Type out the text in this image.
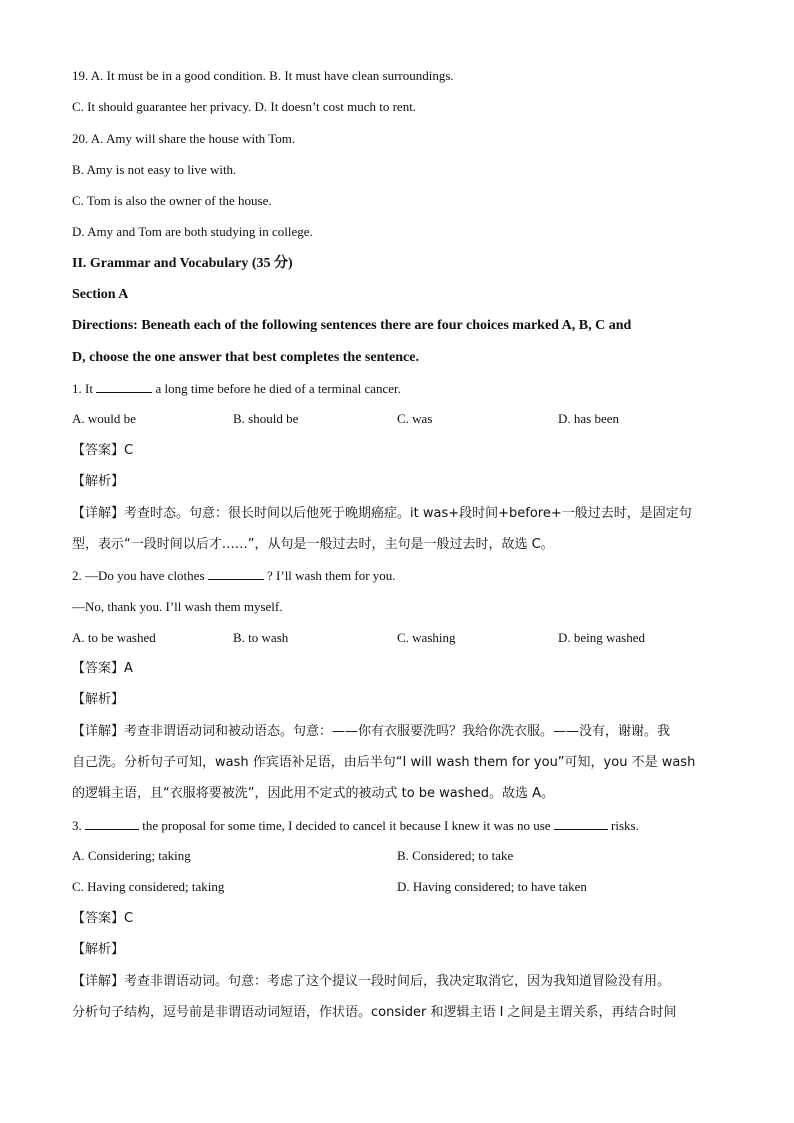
19. A. It must be in a good condition. B. It must have clean surroundings.
C. It should guarantee her privacy. D. It doesn’t cost much to rent.
20. A. Amy will share the house with Tom.
B. Amy is not easy to live with.
C. Tom is also the owner of the house.
D. Amy and Tom are both studying in college.
II. Grammar and Vocabulary (35 分)
Section A
Directions: Beneath each of the following sentences there are four choices marked A, B, C and
D, choose the one answer that best completes the sentence.
1. It	a long time before he died of a terminal cancer.
A. would be	B. should be	C. was	D. has been
【答案】C
【解析】
【详解】考查时态。句意：很长时间以后他死于晚期癌症。it was+段时间+before+一般过去时，是固定句
型，表示“一段时间以后才……”，从句是一般过去时，主句是一般过去时，故选 C。
2. —Do you have clothes	? I’ll wash them for you.
—No, thank you. I’ll wash them myself.
A. to be washed	B. to wash	C. washing	D. being washed
【答案】A
【解析】
【详解】考查非谓语动词和被动语态。句意：——你有衣服要洗吗？我给你洗衣服。——没有，谢谢。我
自己洗。分析句子可知，wash 作宾语补足语，由后半句“I will wash them for you”可知，you 不是 wash
的逻辑主语，且“衣服将要被洗”，因此用不定式的被动式 to be washed。故选 A。
3.	the proposal for some time, I decided to cancel it because I knew it was no use	risks.
A. Considering; taking	B. Considered; to take
C. Having considered; taking	D. Having considered; to have taken
【答案】C
【解析】
【详解】考查非谓语动词。句意：考虑了这个提议一段时间后，我决定取消它，因为我知道冒险没有用。
分析句子结构，逗号前是非谓语动词短语，作状语。consider 和逻辑主语 I 之间是主谓关系，再结合时间
